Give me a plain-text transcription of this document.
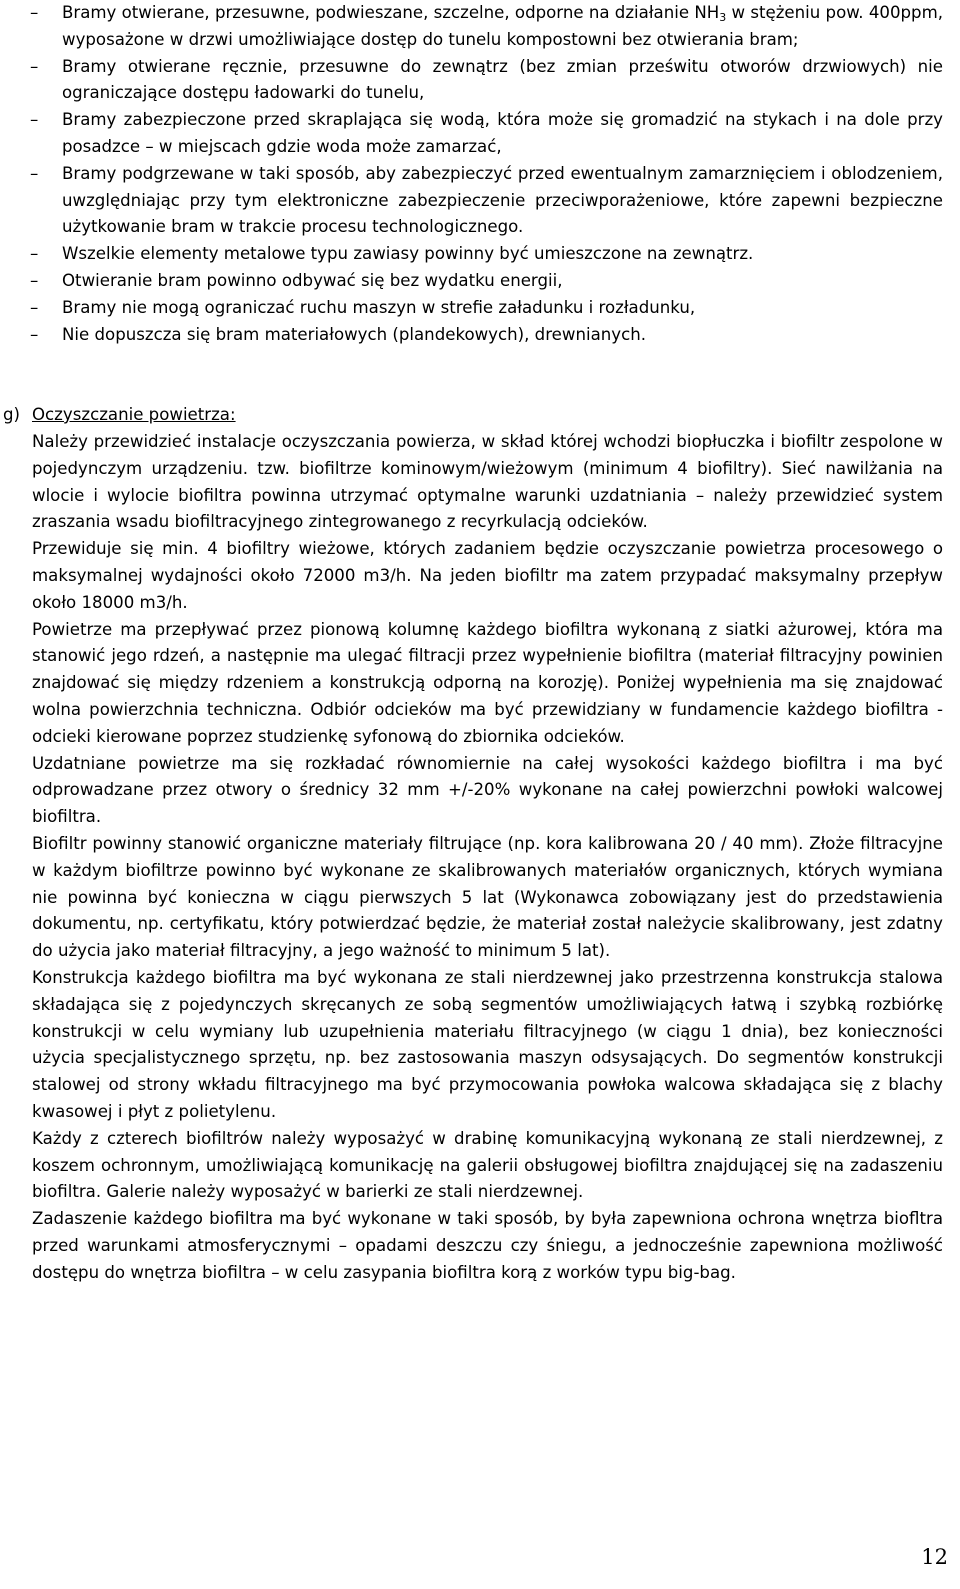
– Bramy otwierane, przesuwne, podwieszane, szczelne, odporne na działanie $NH_3$ w stężeniu pow. 400ppm, wyposażone w drzwi umożliwiające dostęp do tunelu kompostowni bez otwierania bram;
– Bramy otwierane ręcznie, przesuwne do zewnątrz (bez zmian prześwitu otworów drzwiowych) nie ograniczające dostępu ładowarki do tunelu,
– Bramy zabezpieczone przed skraplająca się wodą, która może się gromadzić na stykach i na dole przy posadzce – w miejscach gdzie woda może zamarzać,
– Bramy podgrzewane w taki sposób, aby zabezpieczyć przed ewentualnym zamarznięciem i oblodzeniem, uwzględniając przy tym elektroniczne zabezpieczenie przeciwporażeniowe, które zapewni bezpieczne użytkowanie bram w trakcie procesu technologicznego.
– Wszelkie elementy metalowe typu zawiasy powinny być umieszczone na zewnątrz.
– Otwieranie bram powinno odbywać się bez wydatku energii,
– Bramy nie mogą ograniczać ruchu maszyn w strefie załadunku i rozładunku,
– Nie dopuszcza się bram materiałowych (plandekowych), drewnianych.
g) Oczyszczanie powietrza:

Należy przewidzieć instalacje oczyszczania powierza, w skład której wchodzi biopłuczka i biofiltr zespolone w pojedynczym urządzeniu. tzw. biofiltrze kominowym/wieżowym (minimum 4 biofiltry). Sieć nawilżania na wlocie i wylocie biofiltra powinna utrzymać optymalne warunki uzdatniania – należy przewidzieć system zraszania wsadu biofiltracyjnego zintegrowanego z recyrkulacją odcieków.

Przewiduje się min. 4 biofiltry wieżowe, których zadaniem będzie oczyszczanie powietrza procesowego o maksymalnej wydajności około 72000 m3/h. Na jeden biofiltr ma zatem przypadać maksymalny przepływ około 18000 m3/h.

Powietrze ma przepływać przez pionową kolumnę każdego biofiltra wykonaną z siatki ażurowej, która ma stanowić jego rdzeń, a następnie ma ulegać filtracji przez wypełnienie biofiltra (materiał filtracyjny powinien znajdować się między rdzeniem a konstrukcją odporną na korozję). Poniżej wypełnienia ma się znajdować wolna powierzchnia techniczna. Odbiór odcieków ma być przewidziany w fundamencie każdego biofiltra - odcieki kierowane poprzez studzienkę syfonową do zbiornika odcieków.

Uzdatniane powietrze ma się rozkładać równomiernie na całej wysokości każdego biofiltra i ma być odprowadzane przez otwory o średnicy 32 mm +/-20% wykonane na całej powierzchni powłoki walcowej biofiltra.

Biofiltr powinny stanowić organiczne materiały filtrujące (np. kora kalibrowana 20 / 40 mm). Złoże filtracyjne w każdym biofiltrze powinno być wykonane ze skalibrowanych materiałów organicznych, których wymiana nie powinna być konieczna w ciągu pierwszych 5 lat (Wykonawca zobowiązany jest do przedstawienia dokumentu, np. certyfikatu, który potwierdzać będzie, że materiał został należycie skalibrowany, jest zdatny do użycia jako materiał filtracyjny, a jego ważność to minimum 5 lat).

Konstrukcja każdego biofiltra ma być wykonana ze stali nierdzewnej jako przestrzenna konstrukcja stalowa składająca się z pojedynczych skręcanych ze sobą segmentów umożliwiających łatwą i szybką rozbiórkę konstrukcji w celu wymiany lub uzupełnienia materiału filtracyjnego (w ciągu 1 dnia), bez konieczności użycia specjalistycznego sprzętu, np. bez zastosowania maszyn odsysających. Do segmentów konstrukcji stalowej od strony wkładu filtracyjnego ma być przymocowania powłoka walcowa składająca się z blachy kwasowej i płyt z polietylenu.

Każdy z czterech biofiltrów należy wyposażyć w drabinę komunikacyjną wykonaną ze stali nierdzewnej, z koszem ochronnym, umożliwiającą komunikację na galerii obsługowej biofiltra znajdującej się na zadaszeniu biofiltra. Galerie należy wyposażyć w barierki ze stali nierdzewnej.

Zadaszenie każdego biofiltra ma być wykonane w taki sposób, by była zapewniona ochrona wnętrza biofltra przed warunkami atmosferycznymi – opadami deszczu czy śniegu, a jednocześnie zapewniona możliwość dostępu do wnętrza biofiltra – w celu zasypania biofiltra korą z worków typu big-bag.

12
